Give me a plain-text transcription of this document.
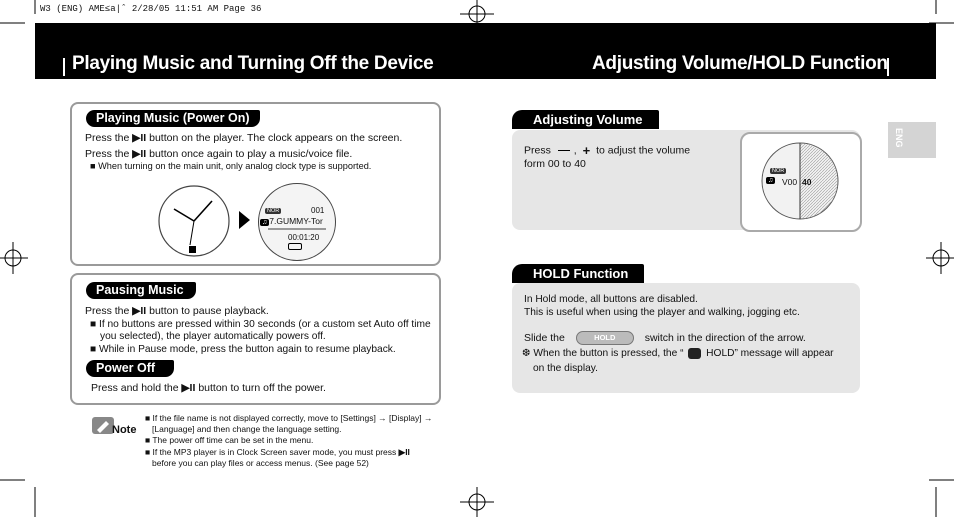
W3 (ENG) AME≤a|ˆ 2/28/05 11:51 AM Page 36
Playing Music and Turning Off the Device	Adjusting Volume/HOLD Function
ENG
Playing Music (Power On)
Press the ▶II button on the player. The clock appears on the screen.
Press the ▶II button once again to play a music/voice file.
■ When turning on the main unit, only analog clock type is supported.
NOR	001
♫ 7.GUMMY-Tor
00:01:20
Pausing Music
Press the ▶II button to pause playback.
■ If no buttons are pressed within 30 seconds (or a custom set Auto off time
you selected), the player automatically powers off.
■ While in Pause mode, press the button again to resume playback.
Power Off
Press and hold the ▶II button to turn off the power.
Note
■ If the file name is not displayed correctly, move to [Settings] → [Display] →
[Language] and then change the language setting.
■ The power off time can be set in the menu.
■ If the MP3 player is in Clock Screen saver mode, you must press ▶II
before you can play files or access menus. (See page 52)
Adjusting Volume
Press , + to adjust the volume
form 00 to 40
NOR
♫ V00 40
HOLD Function
In Hold mode, all buttons are disabled.
This is useful when using the player and walking, jogging etc.
Slide the	HOLD	switch in the direction of the arrow.
❆ When the button is pressed, the “ HOLD” message will appear
on the display.
